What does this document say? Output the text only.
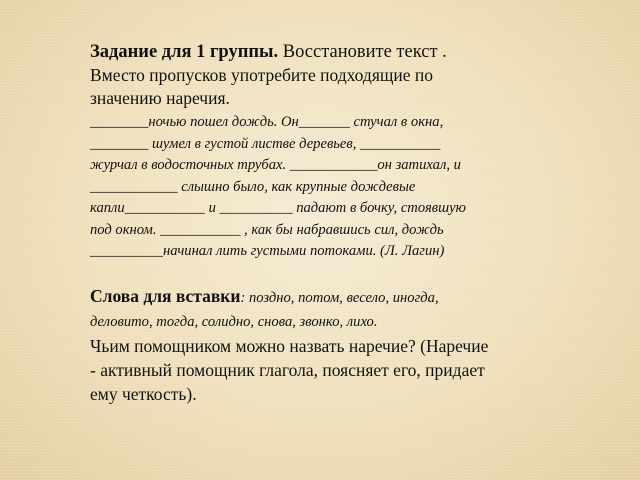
Задание для 1 группы. Восстановите текст .

Вместо пропусков употребите подходящие по
значению наречия.

________ночью пошел дождь. Он_______ стучал в окна,
________ шумел в густой листве деревьев, ___________
журчал в водосточных трубах. ____________он затихал, и
____________ слышно было, как крупные дождевые
капли___________ и __________ падают в бочку, стоявшую
под окном. ___________ , как бы набравшись сил, дождь
__________начинал лить густыми потоками. (Л. Лагин)

Слова для вставки: поздно, потом, весело, иногда,
деловито, тогда, солидно, снова, звонко, лихо.

Чьим помощником можно назвать наречие? (Наречие
- активный помощник глагола, поясняет его, придает
ему четкость).
